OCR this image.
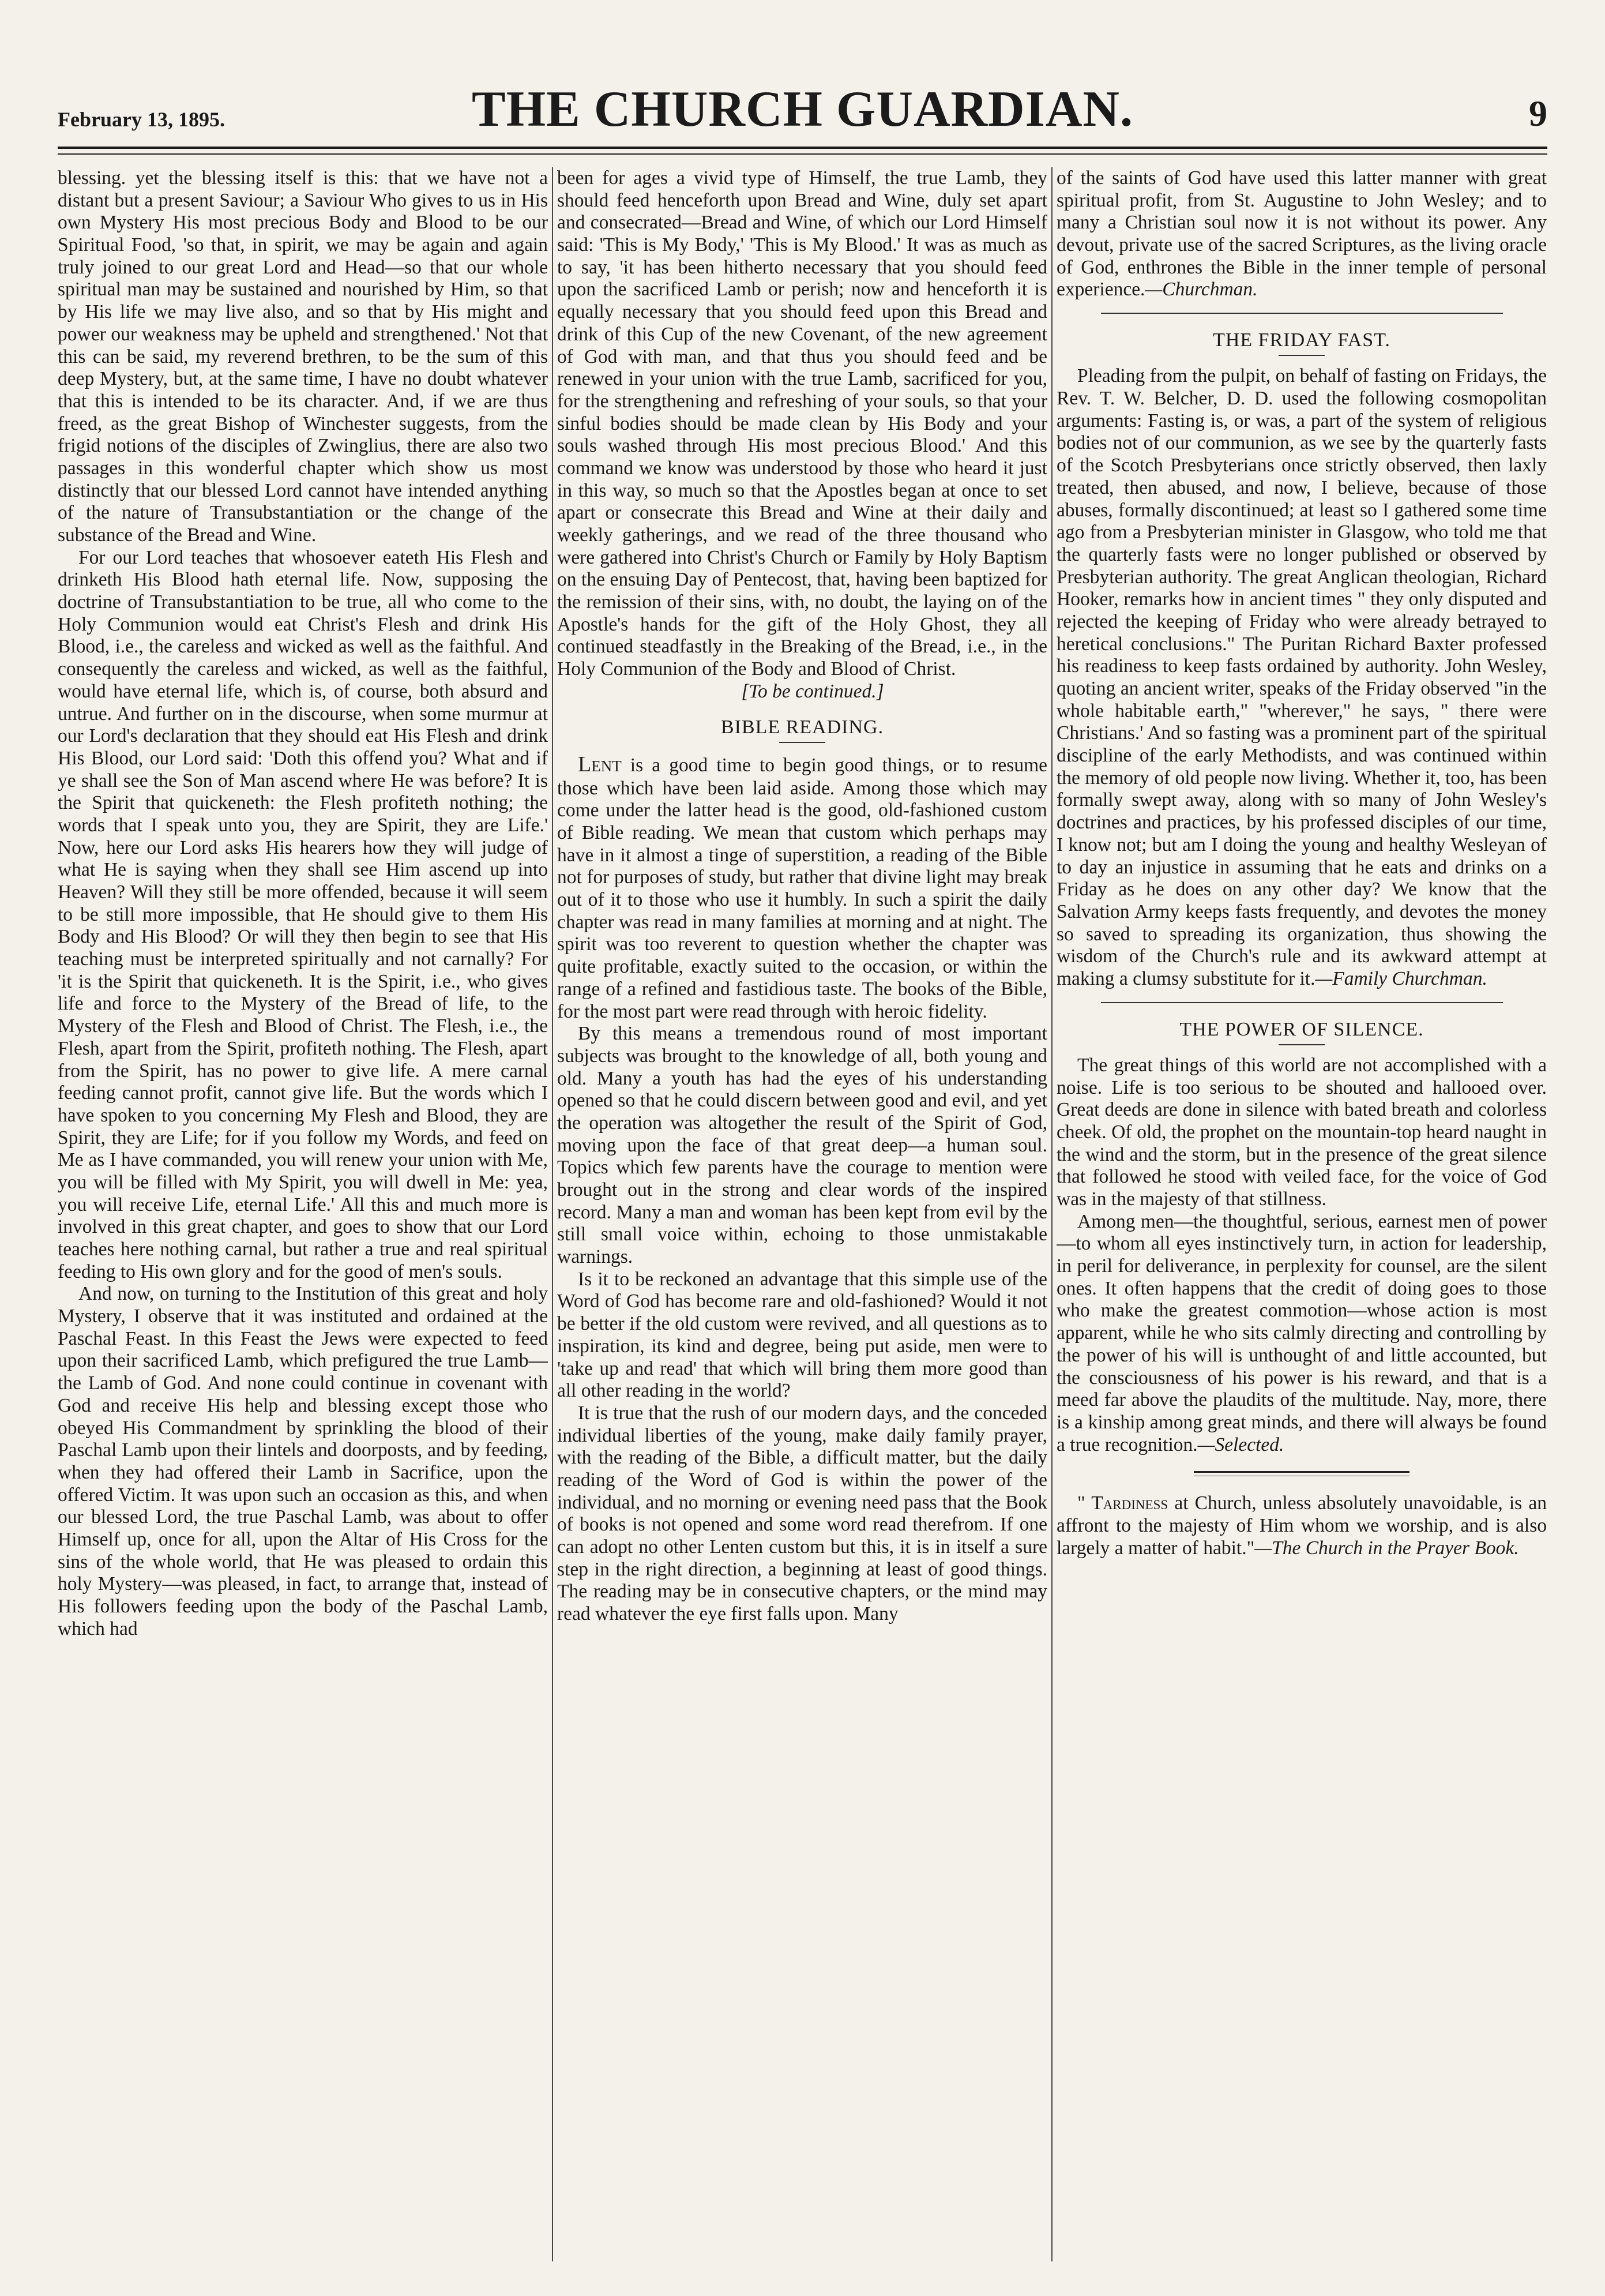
February 13, 1895.	THE CHURCH GUARDIAN.	9

blessing. yet the blessing itself is this: that we have not a distant but a present Saviour; a Saviour Who gives to us in His own Mystery His most precious Body and Blood to be our Spiritual Food, 'so that, in spirit, we may be again and again truly joined to our great Lord and Head—so that our whole spiritual man may be sustained and nourished by Him, so that by His life we may live also, and so that by His might and power our weakness may be upheld and strengthened.' Not that this can be said, my reverend brethren, to be the sum of this deep Mystery, but, at the same time, I have no doubt whatever that this is intended to be its character. And, if we are thus freed, as the great Bishop of Winchester suggests, from the frigid notions of the disciples of Zwinglius, there are also two passages in this wonderful chapter which show us most distinctly that our blessed Lord cannot have intended anything of the nature of Transubstantiation or the change of the substance of the Bread and Wine.

For our Lord teaches that whosoever eateth His Flesh and drinketh His Blood hath eternal life. Now, supposing the doctrine of Transubstantiation to be true, all who come to the Holy Communion would eat Christ's Flesh and drink His Blood, i.e., the careless and wicked as well as the faithful. And consequently the careless and wicked, as well as the faithful, would have eternal life, which is, of course, both absurd and untrue. And further on in the discourse, when some murmur at our Lord's declaration that they should eat His Flesh and drink His Blood, our Lord said: 'Doth this offend you? What and if ye shall see the Son of Man ascend where He was before? It is the Spirit that quickeneth: the Flesh profiteth nothing; the words that I speak unto you, they are Spirit, they are Life.' Now, here our Lord asks His hearers how they will judge of what He is saying when they shall see Him ascend up into Heaven? Will they still be more offended, because it will seem to be still more impossible, that He should give to them His Body and His Blood? Or will they then begin to see that His teaching must be interpreted spiritually and not carnally? For 'it is the Spirit that quickeneth. It is the Spirit, i.e., who gives life and force to the Mystery of the Bread of life, to the Mystery of the Flesh and Blood of Christ. The Flesh, i.e., the Flesh, apart from the Spirit, profiteth nothing. The Flesh, apart from the Spirit, has no power to give life. A mere carnal feeding cannot profit, cannot give life. But the words which I have spoken to you concerning My Flesh and Blood, they are Spirit, they are Life; for if you follow my Words, and feed on Me as I have commanded, you will renew your union with Me, you will be filled with My Spirit, you will dwell in Me: yea, you will receive Life, eternal Life.' All this and much more is involved in this great chapter, and goes to show that our Lord teaches here nothing carnal, but rather a true and real spiritual feeding to His own glory and for the good of men's souls.

And now, on turning to the Institution of this great and holy Mystery, I observe that it was instituted and ordained at the Paschal Feast. In this Feast the Jews were expected to feed upon their sacrificed Lamb, which prefigured the true Lamb—the Lamb of God. And none could continue in covenant with God and receive His help and blessing except those who obeyed His Commandment by sprinkling the blood of their Paschal Lamb upon their lintels and doorposts, and by feeding, when they had offered their Lamb in Sacrifice, upon the offered Victim. It was upon such an occasion as this, and when our blessed Lord, the true Paschal Lamb, was about to offer Himself up, once for all, upon the Altar of His Cross for the sins of the whole world, that He was pleased to ordain this holy Mystery—was pleased, in fact, to arrange that, instead of His followers feeding upon the body of the Paschal Lamb, which had

been for ages a vivid type of Himself, the true Lamb, they should feed henceforth upon Bread and Wine, duly set apart and consecrated—Bread and Wine, of which our Lord Himself said: 'This is My Body,' 'This is My Blood.' It was as much as to say, 'it has been hitherto necessary that you should feed upon the sacrificed Lamb or perish; now and henceforth it is equally necessary that you should feed upon this Bread and drink of this Cup of the new Covenant, of the new agreement of God with man, and that thus you should feed and be renewed in your union with the true Lamb, sacrificed for you, for the strengthening and refreshing of your souls, so that your sinful bodies should be made clean by His Body and your souls washed through His most precious Blood.' And this command we know was understood by those who heard it just in this way, so much so that the Apostles began at once to set apart or consecrate this Bread and Wine at their daily and weekly gatherings, and we read of the three thousand who were gathered into Christ's Church or Family by Holy Baptism on the ensuing Day of Pentecost, that, having been baptized for the remission of their sins, with, no doubt, the laying on of the Apostle's hands for the gift of the Holy Ghost, they all continued steadfastly in the Breaking of the Bread, i.e., in the Holy Communion of the Body and Blood of Christ.

[To be continued.]

BIBLE READING.

Lent is a good time to begin good things, or to resume those which have been laid aside. Among those which may come under the latter head is the good, old-fashioned custom of Bible reading. We mean that custom which perhaps may have in it almost a tinge of superstition, a reading of the Bible not for purposes of study, but rather that divine light may break out of it to those who use it humbly. In such a spirit the daily chapter was read in many families at morning and at night. The spirit was too reverent to question whether the chapter was quite profitable, exactly suited to the occasion, or within the range of a refined and fastidious taste. The books of the Bible, for the most part were read through with heroic fidelity.

By this means a tremendous round of most important subjects was brought to the knowledge of all, both young and old. Many a youth has had the eyes of his understanding opened so that he could discern between good and evil, and yet the operation was altogether the result of the Spirit of God, moving upon the face of that great deep—a human soul. Topics which few parents have the courage to mention were brought out in the strong and clear words of the inspired record. Many a man and woman has been kept from evil by the still small voice within, echoing to those unmistakable warnings.

Is it to be reckoned an advantage that this simple use of the Word of God has become rare and old-fashioned? Would it not be better if the old custom were revived, and all questions as to inspiration, its kind and degree, being put aside, men were to 'take up and read' that which will bring them more good than all other reading in the world?

It is true that the rush of our modern days, and the conceded individual liberties of the young, make daily family prayer, with the reading of the Bible, a difficult matter, but the daily reading of the Word of God is within the power of the individual, and no morning or evening need pass that the Book of books is not opened and some word read therefrom. If one can adopt no other Lenten custom but this, it is in itself a sure step in the right direction, a beginning at least of good things. The reading may be in consecutive chapters, or the mind may read whatever the eye first falls upon. Many

of the saints of God have used this latter manner with great spiritual profit, from St. Augustine to John Wesley; and to many a Christian soul now it is not without its power. Any devout, private use of the sacred Scriptures, as the living oracle of God, enthrones the Bible in the inner temple of personal experience.—Churchman.

THE FRIDAY FAST.

Pleading from the pulpit, on behalf of fasting on Fridays, the Rev. T. W. Belcher, D. D. used the following cosmopolitan arguments: Fasting is, or was, a part of the system of religious bodies not of our communion, as we see by the quarterly fasts of the Scotch Presbyterians once strictly observed, then laxly treated, then abused, and now, I believe, because of those abuses, formally discontinued; at least so I gathered some time ago from a Presbyterian minister in Glasgow, who told me that the quarterly fasts were no longer published or observed by Presbyterian authority. The great Anglican theologian, Richard Hooker, remarks how in ancient times " they only disputed and rejected the keeping of Friday who were already betrayed to heretical conclusions." The Puritan Richard Baxter professed his readiness to keep fasts ordained by authority. John Wesley, quoting an ancient writer, speaks of the Friday observed "in the whole habitable earth," "wherever," he says, " there were Christians.' And so fasting was a prominent part of the spiritual discipline of the early Methodists, and was continued within the memory of old people now living. Whether it, too, has been formally swept away, along with so many of John Wesley's doctrines and practices, by his professed disciples of our time, I know not; but am I doing the young and healthy Wesleyan of to day an injustice in assuming that he eats and drinks on a Friday as he does on any other day? We know that the Salvation Army keeps fasts frequently, and devotes the money so saved to spreading its organization, thus showing the wisdom of the Church's rule and its awkward attempt at making a clumsy substitute for it.—Family Churchman.

THE POWER OF SILENCE.

The great things of this world are not accomplished with a noise. Life is too serious to be shouted and hallooed over. Great deeds are done in silence with bated breath and colorless cheek. Of old, the prophet on the mountain-top heard naught in the wind and the storm, but in the presence of the great silence that followed he stood with veiled face, for the voice of God was in the majesty of that stillness.

Among men—the thoughtful, serious, earnest men of power—to whom all eyes instinctively turn, in action for leadership, in peril for deliverance, in perplexity for counsel, are the silent ones. It often happens that the credit of doing goes to those who make the greatest commotion—whose action is most apparent, while he who sits calmly directing and controlling by the power of his will is unthought of and little accounted, but the consciousness of his power is his reward, and that is a meed far above the plaudits of the multitude. Nay, more, there is a kinship among great minds, and there will always be found a true recognition.—Selected.

" Tardiness at Church, unless absolutely unavoidable, is an affront to the majesty of Him whom we worship, and is also largely a matter of habit."—The Church in the Prayer Book.
